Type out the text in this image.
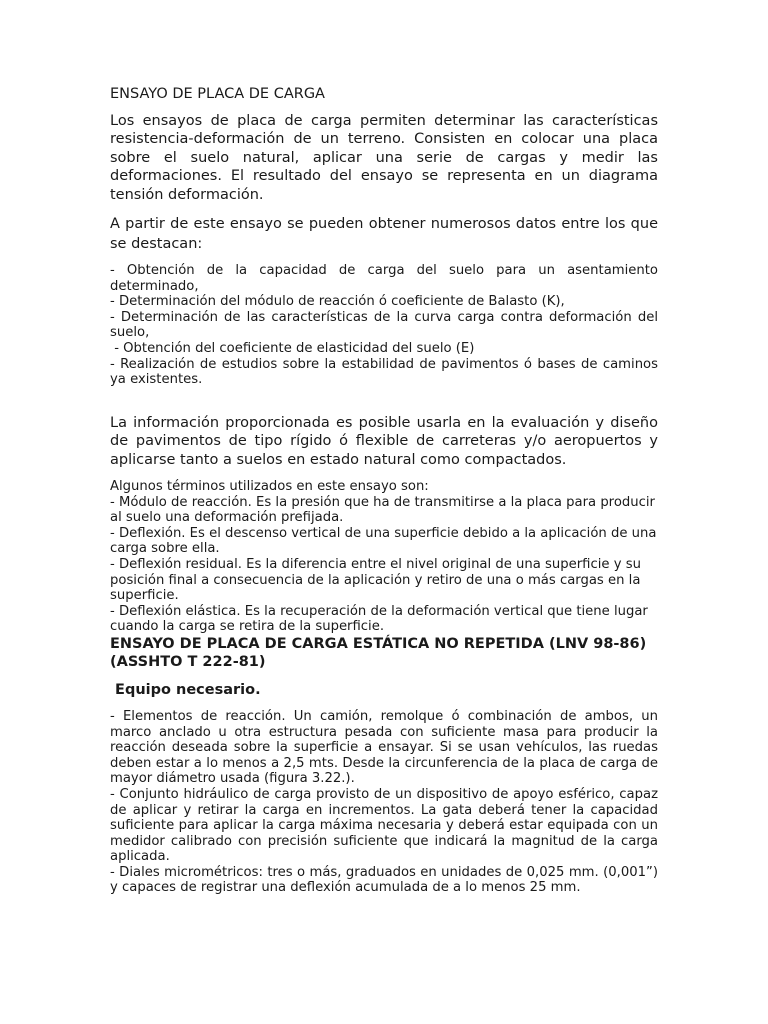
ENSAYO DE PLACA DE CARGA

Los ensayos de placa de carga permiten determinar las características resistencia-deformación de un terreno. Consisten en colocar una placa sobre el suelo natural, aplicar una serie de cargas y medir las deformaciones. El resultado del ensayo se representa en un diagrama tensión deformación.

A partir de este ensayo se pueden obtener numerosos datos entre los que se destacan:

- Obtención de la capacidad de carga del suelo para un asentamiento determinado,
- Determinación del módulo de reacción ó coeficiente de Balasto (K),
- Determinación de las características de la curva carga contra deformación del suelo,
- Obtención del coeficiente de elasticidad del suelo (E)
- Realización de estudios sobre la estabilidad de pavimentos ó bases de caminos ya existentes.

La información proporcionada es posible usarla en la evaluación y diseño de pavimentos de tipo rígido ó flexible de carreteras y/o aeropuertos y aplicarse tanto a suelos en estado natural como compactados.

Algunos términos utilizados en este ensayo son:
- Módulo de reacción. Es la presión que ha de transmitirse a la placa para producir al suelo una deformación prefijada.
- Deflexión. Es el descenso vertical de una superficie debido a la aplicación de una carga sobre ella.
- Deflexión residual. Es la diferencia entre el nivel original de una superficie y su posición final a consecuencia de la aplicación y retiro de una o más cargas en la superficie.
- Deflexión elástica. Es la recuperación de la deformación vertical que tiene lugar cuando la carga se retira de la superficie.

ENSAYO DE PLACA DE CARGA ESTÁTICA NO REPETIDA (LNV 98-86) (ASSHTO T 222-81)

Equipo necesario.

- Elementos de reacción. Un camión, remolque ó combinación de ambos, un marco anclado u otra estructura pesada con suficiente masa para producir la reacción deseada sobre la superficie a ensayar. Si se usan vehículos, las ruedas deben estar a lo menos a 2,5 mts. Desde la circunferencia de la placa de carga de mayor diámetro usada (figura 3.22.).
- Conjunto hidráulico de carga provisto de un dispositivo de apoyo esférico, capaz de aplicar y retirar la carga en incrementos. La gata deberá tener la capacidad suficiente para aplicar la carga máxima necesaria y deberá estar equipada con un medidor calibrado con precisión suficiente que indicará la magnitud de la carga aplicada.
- Diales micrométricos: tres o más, graduados en unidades de 0,025 mm. (0,001”) y capaces de registrar una deflexión acumulada de a lo menos 25 mm.
